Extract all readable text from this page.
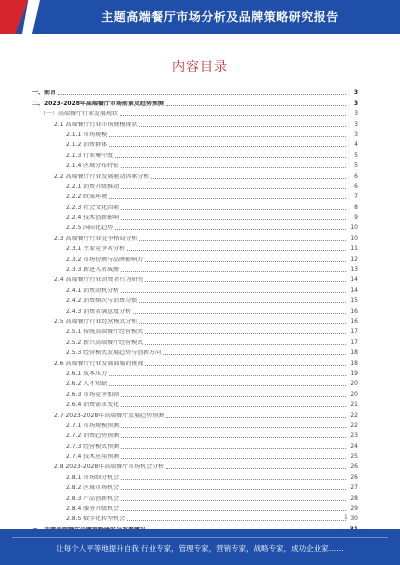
主题高端餐厅市场分析及品牌策略研究报告
内容目录
一、前言	3
二、2023-2028年高端餐厅市场前景及趋势预测	3
（一）高端餐厅行业发展现状	3
2.1 高端餐厅行业市场规模现状	3
2.1.1 市场规模	3
2.1.2 消费群体	4
2.1.3 行业集中度	5
2.1.4 区域分布特征	5
2.2 高端餐厅行业发展驱动因素分析	6
2.2.1 消费升级推动	6
2.2.2 政策环境	7
2.2.3 社会文化因素	8
2.2.4 技术创新影响	9
2.2.5 国际化趋势	10
2.3 高端餐厅行业竞争格局分析	10
2.3.1 主要竞争者分析	11
2.3.2 市场份额与品牌影响力	12
2.3.3 新进入者威胁	13
2.4 高端餐厅行业消费者行为研究	14
2.4.1 消费动机分析	14
2.4.2 消费频次与消费习惯	15
2.4.3 消费者满意度分析	16
2.5 高端餐厅行业经营模式分析	16
2.5.1 传统高端餐厅经营模式	17
2.5.2 新兴高端餐厅经营模式	17
2.5.3 经营模式发展趋势与创新方向	18
2.6 高端餐厅行业发展面临的挑战	18
2.6.1 成本压力	19
2.6.2 人才短缺	20
2.6.3 市场竞争加剧	20
2.6.4 消费需求变化	21
2.7 2023-2028年高端餐厅发展趋势预测	22
2.7.1 市场规模预测	22
2.7.2 消费趋势预测	23
2.7.3 经营模式预测	24
2.7.4 技术应用预测	25
2.8 2023-2028年高端餐厅市场机会分析	26
2.8.1 市场细分机会	26
2.8.2 区域市场机会	27
2.8.3 产品创新机会	28
2.8.4 服务升级机会	29
2.8.5 数字化转型机会	30
1
让每个人平等地提升自我 行业专家，管理专家，营销专家，战略专家，成功企业家……
